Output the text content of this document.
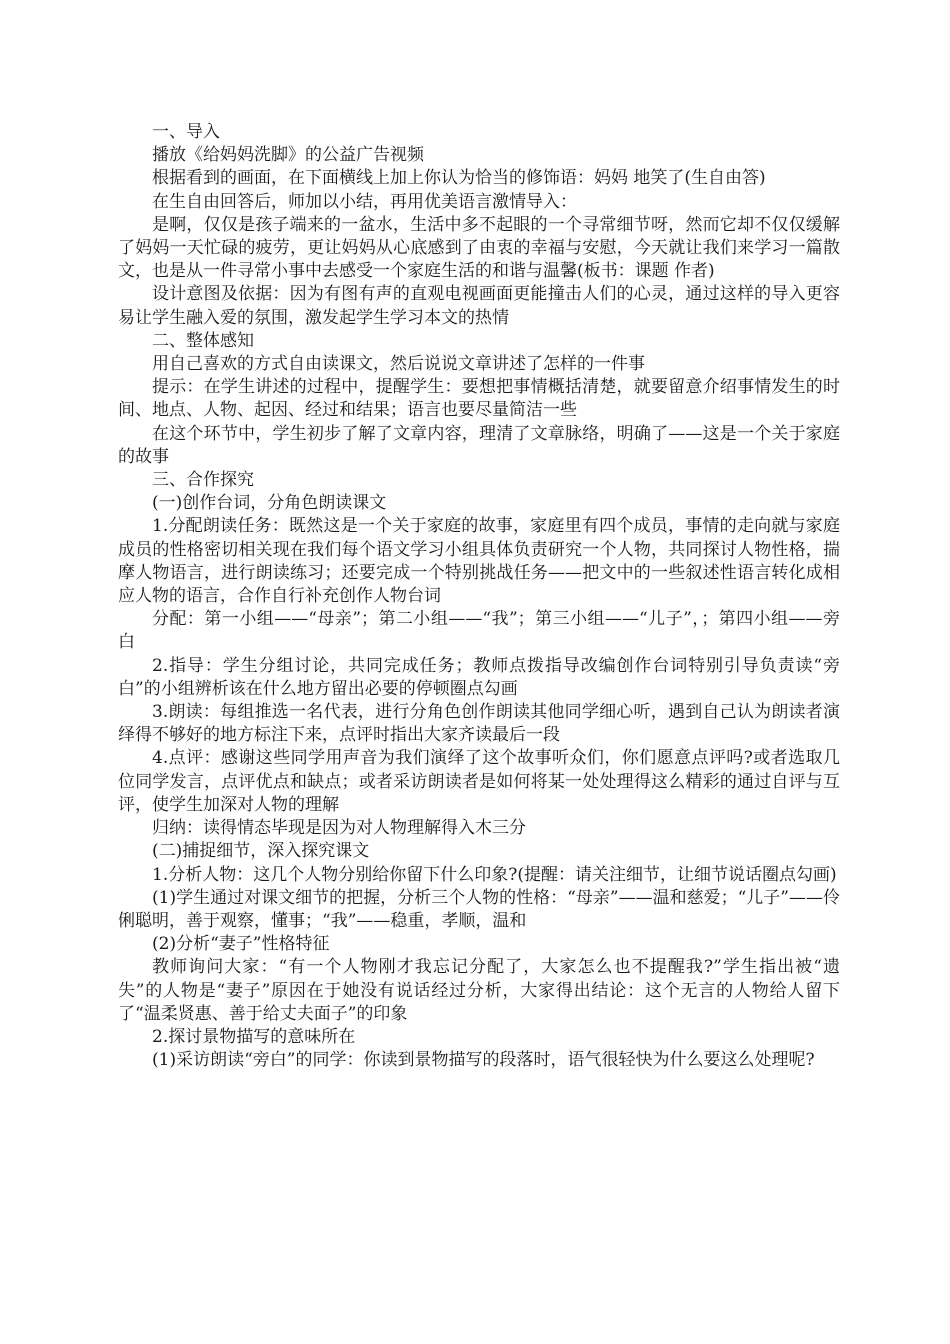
一、导入

播放《给妈妈洗脚》的公益广告视频

根据看到的画面，在下面横线上加上你认为恰当的修饰语：妈妈 地笑了(生自由答)

在生自由回答后，师加以小结，再用优美语言激情导入：

是啊，仅仅是孩子端来的一盆水，生活中多不起眼的一个寻常细节呀，然而它却不仅仅缓解了妈妈一天忙碌的疲劳，更让妈妈从心底感到了由衷的幸福与安慰，今天就让我们来学习一篇散文，也是从一件寻常小事中去感受一个家庭生活的和谐与温馨(板书：课题 作者)

设计意图及依据：因为有图有声的直观电视画面更能撞击人们的心灵，通过这样的导入更容易让学生融入爱的氛围，激发起学生学习本文的热情

二、整体感知

用自己喜欢的方式自由读课文，然后说说文章讲述了怎样的一件事

提示：在学生讲述的过程中，提醒学生：要想把事情概括清楚，就要留意介绍事情发生的时间、地点、人物、起因、经过和结果；语言也要尽量简洁一些

在这个环节中，学生初步了解了文章内容，理清了文章脉络，明确了——这是一个关于家庭的故事

三、合作探究

(一)创作台词，分角色朗读课文

1.分配朗读任务：既然这是一个关于家庭的故事，家庭里有四个成员，事情的走向就与家庭成员的性格密切相关现在我们每个语文学习小组具体负责研究一个人物，共同探讨人物性格，揣摩人物语言，进行朗读练习；还要完成一个特别挑战任务——把文中的一些叙述性语言转化成相应人物的语言，合作自行补充创作人物台词

分配：第一小组——“母亲”；第二小组——“我”；第三小组——“儿子”，；第四小组——旁白

2.指导：学生分组讨论，共同完成任务；教师点拨指导改编创作台词特别引导负责读“旁白”的小组辨析该在什么地方留出必要的停顿圈点勾画

3.朗读：每组推选一名代表，进行分角色创作朗读其他同学细心听，遇到自己认为朗读者演绎得不够好的地方标注下来，点评时指出大家齐读最后一段

4.点评：感谢这些同学用声音为我们演绎了这个故事听众们，你们愿意点评吗?或者选取几位同学发言，点评优点和缺点；或者采访朗读者是如何将某一处处理得这么精彩的通过自评与互评，使学生加深对人物的理解

归纳：读得情态毕现是因为对人物理解得入木三分

(二)捕捉细节，深入探究课文

1.分析人物：这几个人物分别给你留下什么印象?(提醒：请关注细节，让细节说话圈点勾画)

(1)学生通过对课文细节的把握，分析三个人物的性格：“母亲”——温和慈爱；“儿子”——伶俐聪明，善于观察，懂事；“我”——稳重，孝顺，温和

(2)分析“妻子”性格特征

教师询问大家：“有一个人物刚才我忘记分配了，大家怎么也不提醒我?”学生指出被“遗失”的人物是“妻子”原因在于她没有说话经过分析，大家得出结论：这个无言的人物给人留下了“温柔贤惠、善于给丈夫面子”的印象

2.探讨景物描写的意味所在

(1)采访朗读“旁白”的同学：你读到景物描写的段落时，语气很轻快为什么要这么处理呢?
